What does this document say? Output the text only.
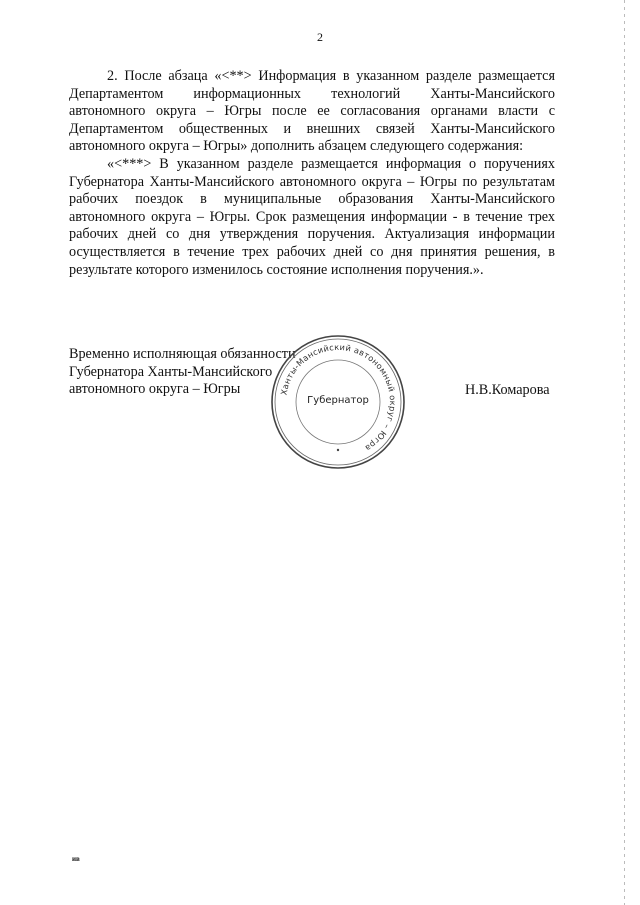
2

2. После абзаца «<**> Информация в указанном разделе размещается Департаментом информационных технологий Ханты-Мансийского автономного округа – Югры после ее согласования органами власти с Департаментом общественных и внешних связей Ханты-Мансийского автономного округа – Югры» дополнить абзацем следующего содержания:

«<***> В указанном разделе размещается информация о поручениях Губернатора Ханты-Мансийского автономного округа – Югры по результатам рабочих поездок в муниципальные образования Ханты-Мансийского автономного округа – Югры. Срок размещения информации - в течение трех рабочих дней со дня утверждения поручения. Актуализация информации осуществляется в течение трех рабочих дней со дня принятия решения, в результате которого изменилось состояние исполнения поручения.».

Временно исполняющая обязанности
Губернатора Ханты-Мансийского
автономного округа – Югры	Н.В.Комарова
Ханты-Мансийский автономный округ – Югра
Губернатор
ив
